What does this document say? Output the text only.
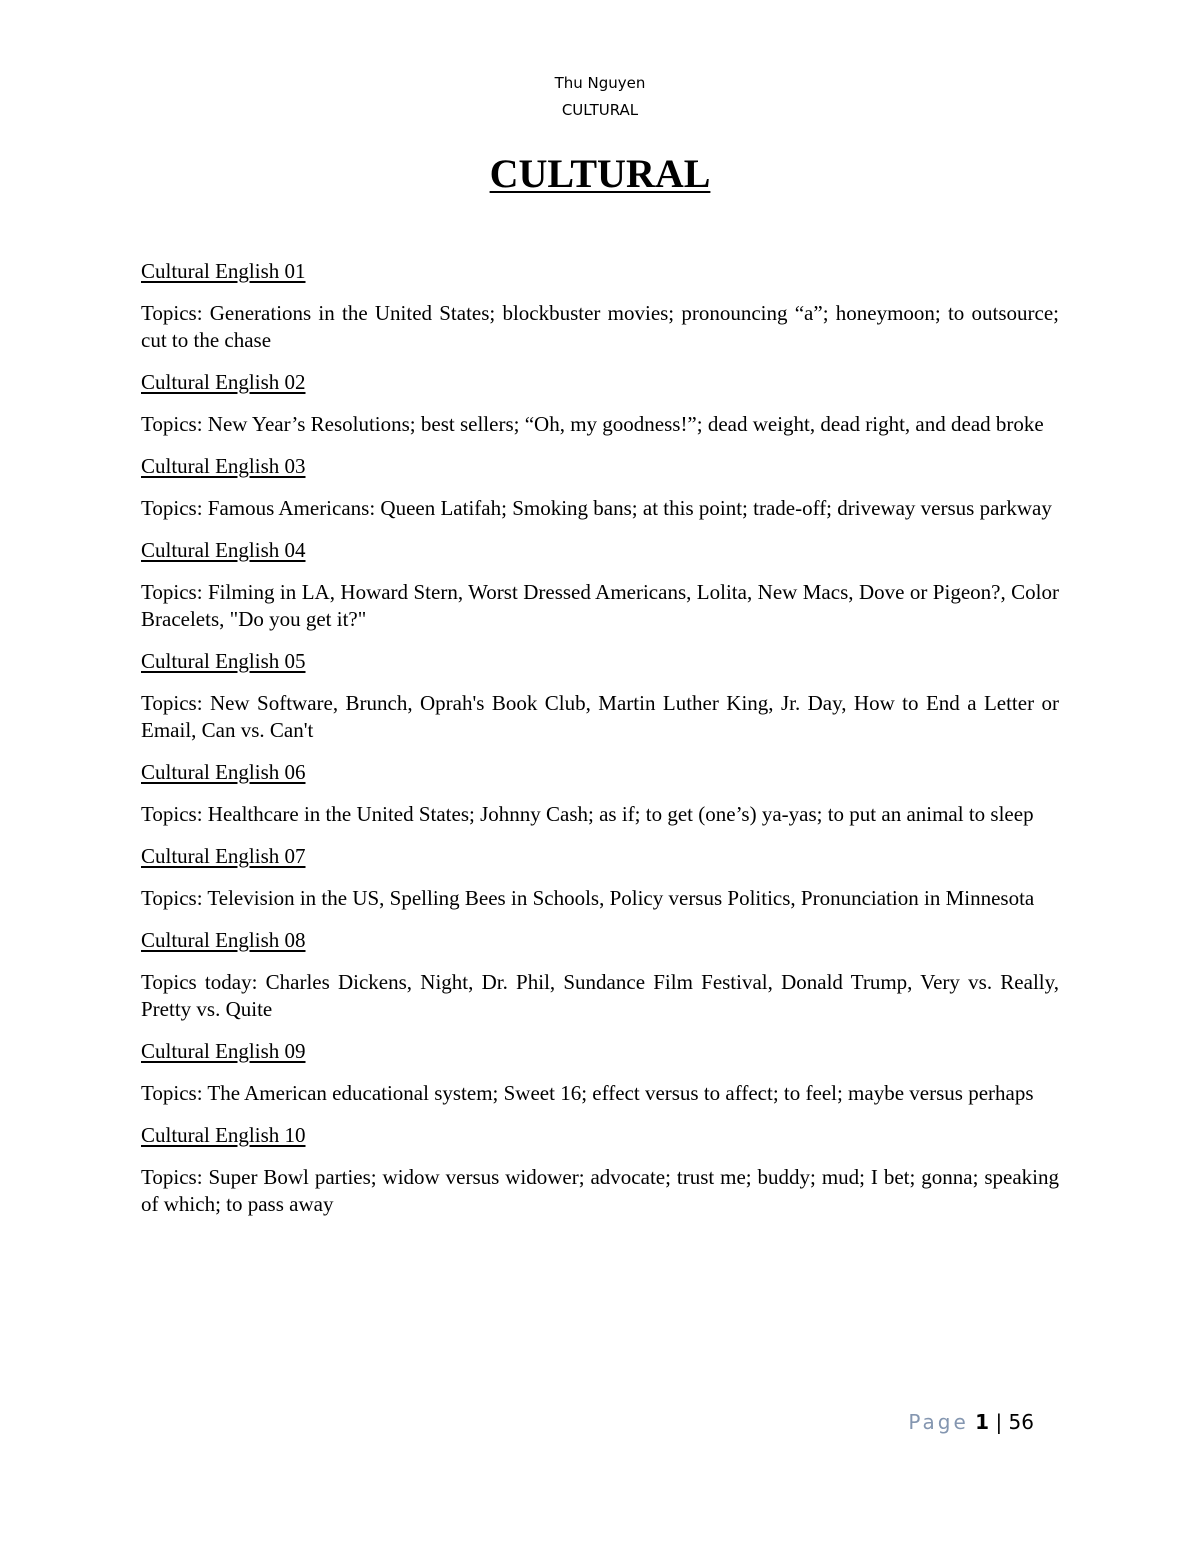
Thu Nguyen
CULTURAL
CULTURAL

Cultural English 01

Topics: Generations in the United States; blockbuster movies; pronouncing “a”; honeymoon; to outsource; cut to the chase

Cultural English 02

Topics: New Year’s Resolutions; best sellers; “Oh, my goodness!”; dead weight, dead right, and dead broke

Cultural English 03

Topics: Famous Americans: Queen Latifah; Smoking bans; at this point; trade-off; driveway versus parkway

Cultural English 04

Topics: Filming in LA, Howard Stern, Worst Dressed Americans, Lolita, New Macs, Dove or Pigeon?, Color Bracelets, "Do you get it?"

Cultural English 05

Topics: New Software, Brunch, Oprah's Book Club, Martin Luther King, Jr. Day, How to End a Letter or Email, Can vs. Can't

Cultural English 06

Topics: Healthcare in the United States; Johnny Cash; as if; to get (one’s) ya-yas; to put an animal to sleep

Cultural English 07

Topics: Television in the US, Spelling Bees in Schools, Policy versus Politics, Pronunciation in Minnesota

Cultural English 08

Topics today: Charles Dickens, Night, Dr. Phil, Sundance Film Festival, Donald Trump, Very vs. Really, Pretty vs. Quite

Cultural English 09

Topics: The American educational system; Sweet 16; effect versus to affect; to feel; maybe versus perhaps

Cultural English 10

Topics: Super Bowl parties; widow versus widower; advocate; trust me; buddy; mud; I bet; gonna; speaking of which; to pass away

Page 1 | 56
